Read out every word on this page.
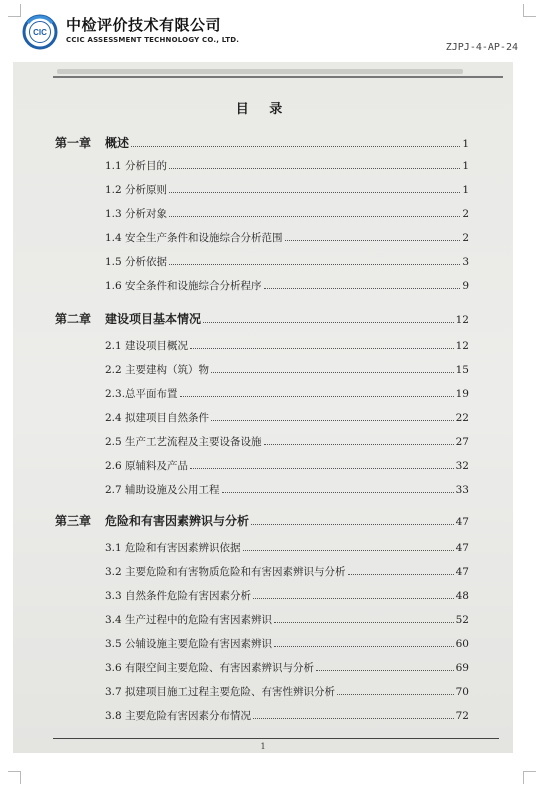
CIC 中检评价技术有限公司
CCIC ASSESSMENT TECHNOLOGY CO., LTD.
ZJPJ-4-AP-24
目 录
第一章	概述	1
1.1 分析目的	1
1.2 分析原则	1
1.3 分析对象	2
1.4 安全生产条件和设施综合分析范围	2
1.5 分析依据	3
1.6 安全条件和设施综合分析程序	9
第二章	建设项目基本情况	12
2.1 建设项目概况	12
2.2 主要建构（筑）物	15
2.3.总平面布置	19
2.4 拟建项目自然条件	22
2.5 生产工艺流程及主要设备设施	27
2.6 原辅料及产品	32
2.7 辅助设施及公用工程	33
第三章	危险和有害因素辨识与分析	47
3.1 危险和有害因素辨识依据	47
3.2 主要危险和有害物质危险和有害因素辨识与分析	47
3.3 自然条件危险有害因素分析	48
3.4 生产过程中的危险有害因素辨识	52
3.5 公辅设施主要危险有害因素辨识	60
3.6 有限空间主要危险、有害因素辨识与分析	69
3.7 拟建项目施工过程主要危险、有害性辨识分析	70
3.8 主要危险有害因素分布情况	72
1
